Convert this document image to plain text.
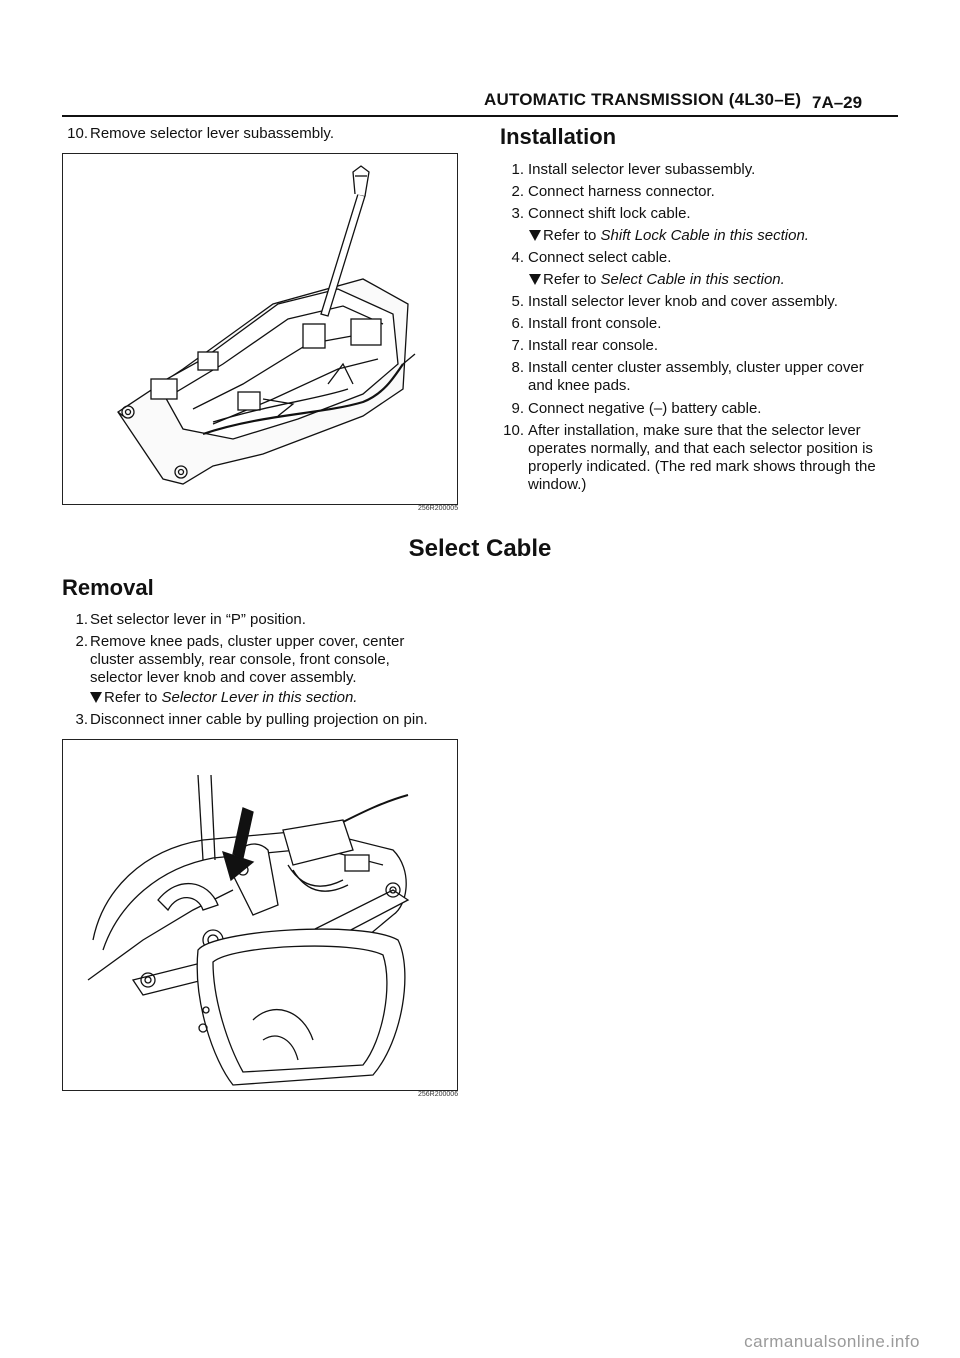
AUTOMATIC TRANSMISSION (4L30–E) 7A–29
10. Remove selector lever subassembly.
256R200005
Installation
1. Install selector lever subassembly.
2. Connect harness connector.
3. Connect shift lock cable.
Refer to Shift Lock Cable in this section.
4. Connect select cable.
Refer to Select Cable in this section.
5. Install selector lever knob and cover assembly.
6. Install front console.
7. Install rear console.
8. Install center cluster assembly, cluster upper cover
and knee pads.
9. Connect negative (–) battery cable.
10. After installation, make sure that the selector lever
operates normally, and that each selector position is
properly indicated. (The red mark shows through the
window.)
Select Cable
Removal
1. Set selector lever in “P” position.
2. Remove knee pads, cluster upper cover, center
cluster assembly, rear console, front console,
selector lever knob and cover assembly.
Refer to Selector Lever in this section.
3. Disconnect inner cable by pulling projection on pin.
256R200006
carmanualsonline.info
